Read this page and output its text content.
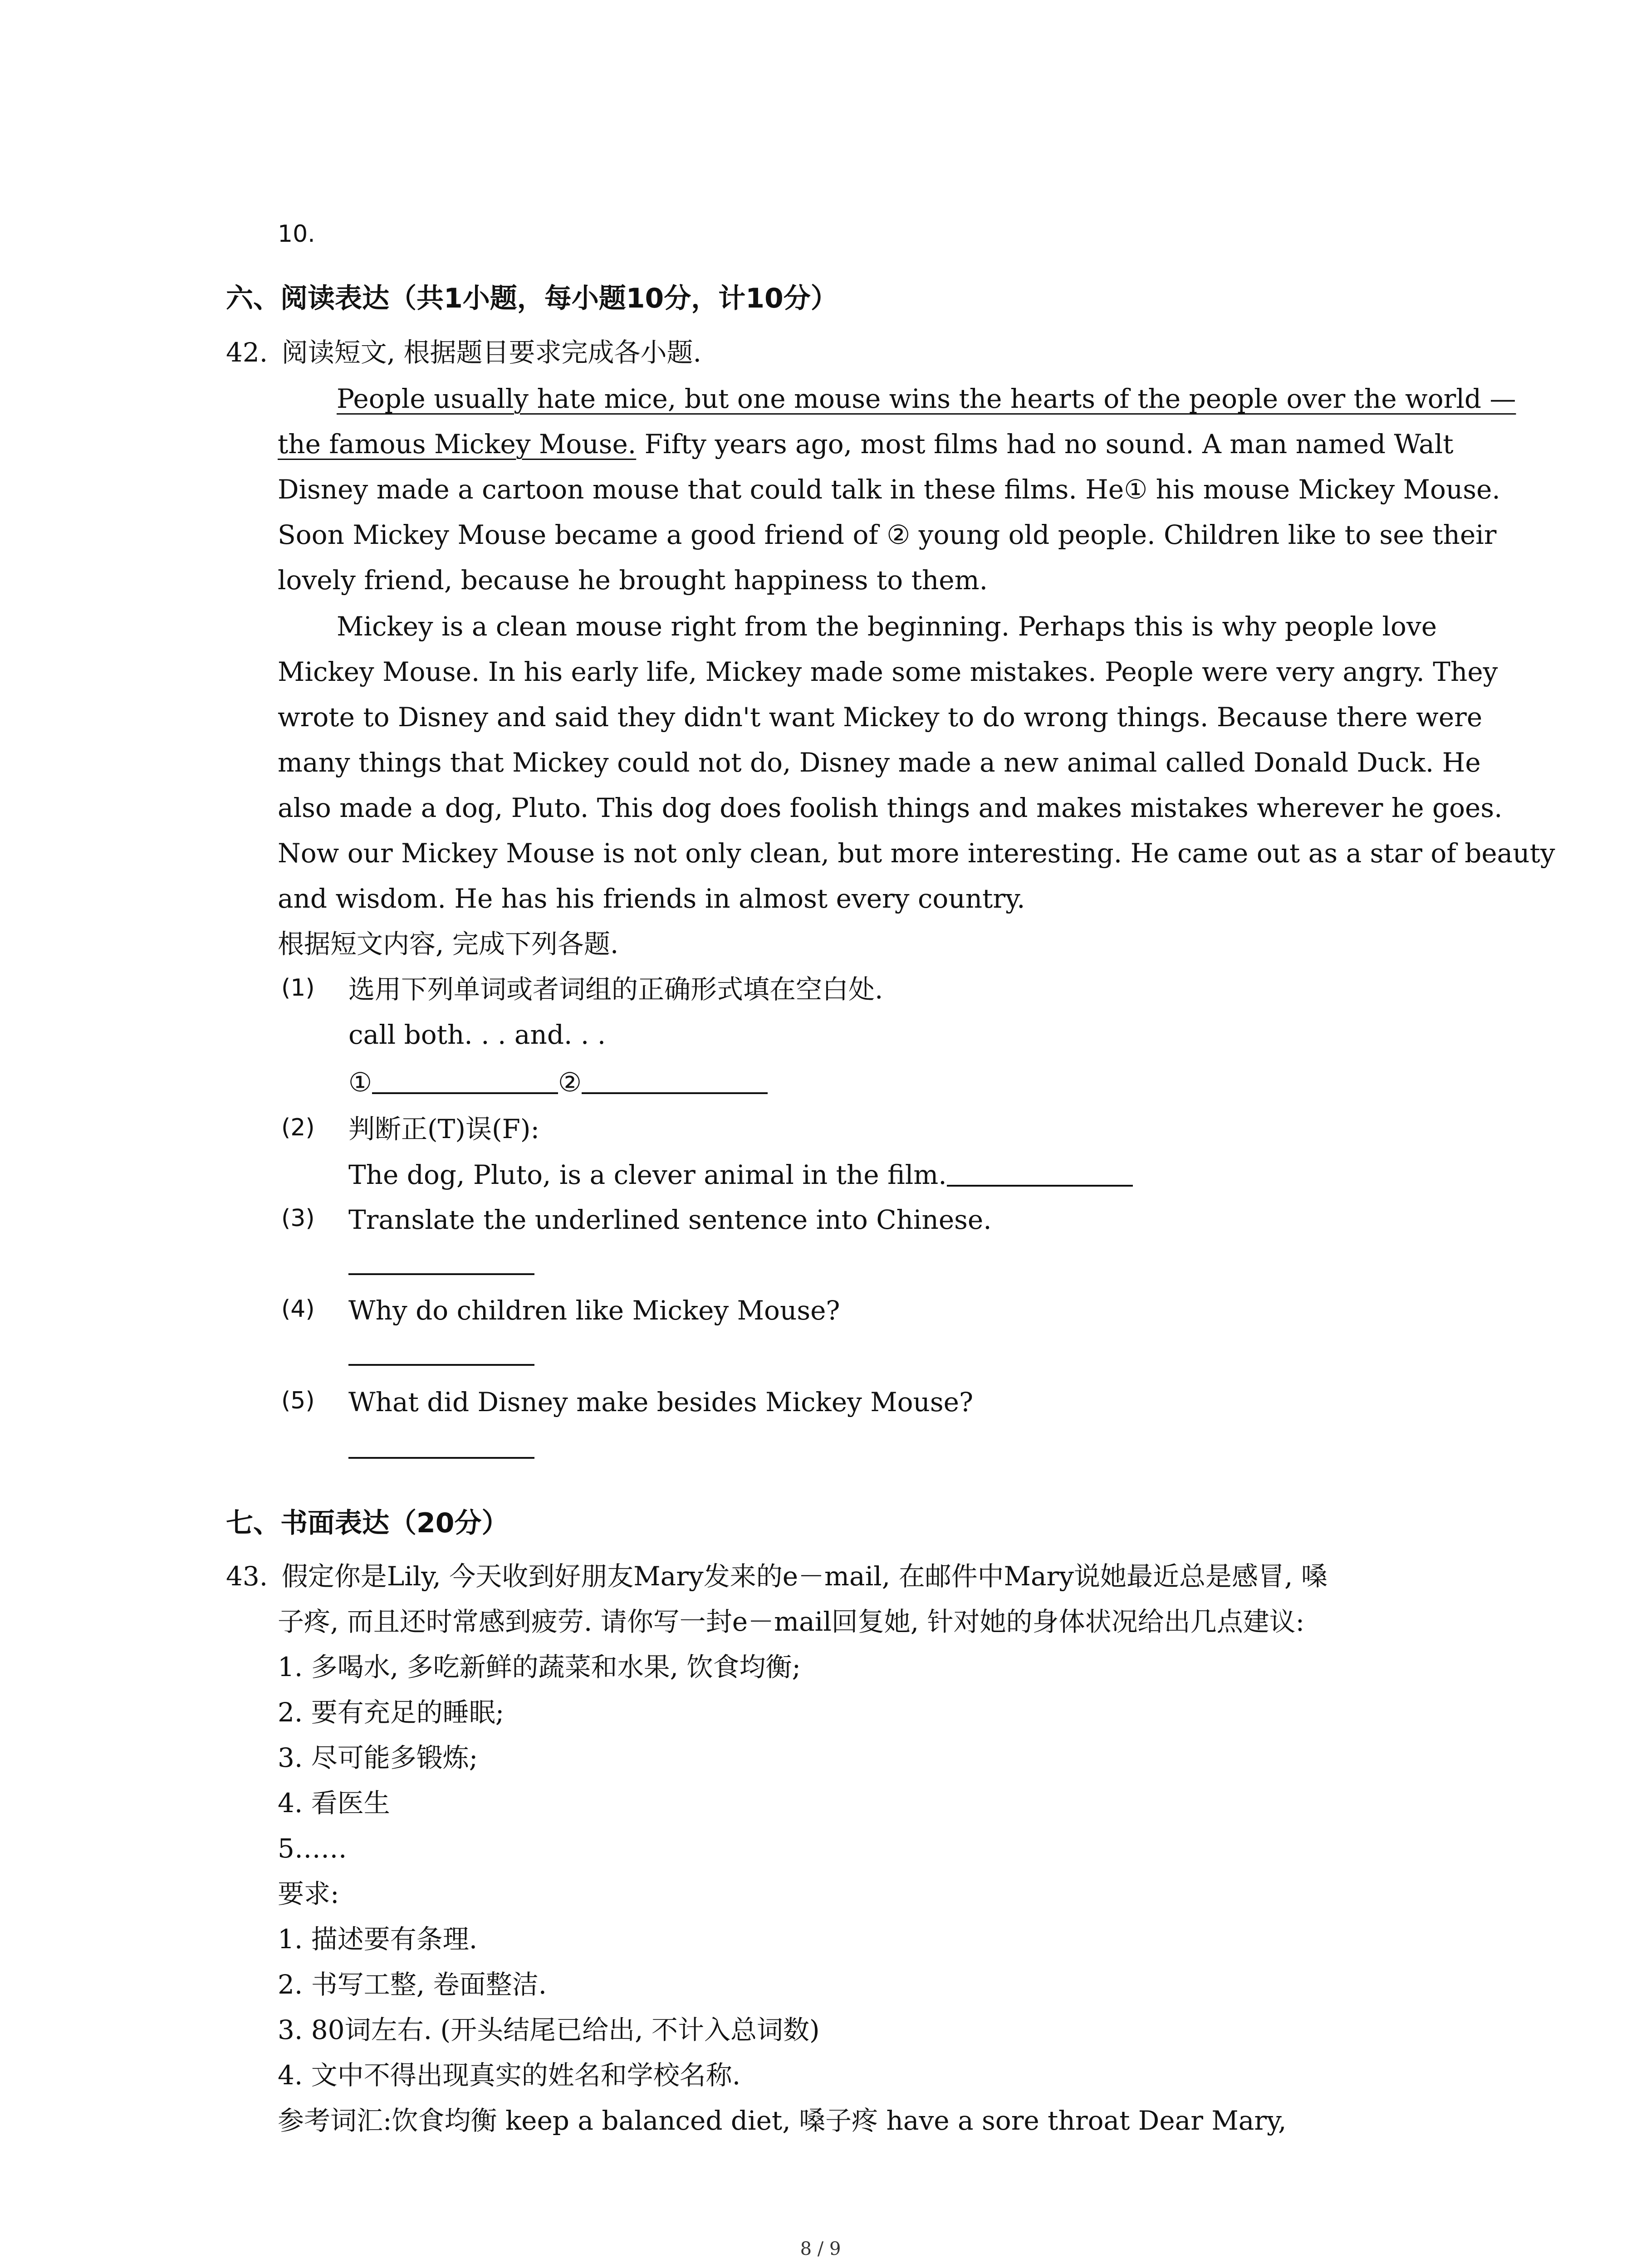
10.
六、阅读表达（共1小题，每小题10分，计10分）
42. 阅读短文, 根据题目要求完成各小题.
People usually hate mice, but one mouse wins the hearts of the people over the world —
the famous Mickey Mouse. Fifty years ago, most films had no sound. A man named Walt
Disney made a cartoon mouse that could talk in these films. He① his mouse Mickey Mouse.
Soon Mickey Mouse became a good friend of ② young old people. Children like to see their
lovely friend, because he brought happiness to them.
Mickey is a clean mouse right from the beginning. Perhaps this is why people love
Mickey Mouse. In his early life, Mickey made some mistakes. People were very angry. They
wrote to Disney and said they didn't want Mickey to do wrong things. Because there were
many things that Mickey could not do, Disney made a new animal called Donald Duck. He
also made a dog, Pluto. This dog does foolish things and makes mistakes wherever he goes.
Now our Mickey Mouse is not only clean, but more interesting. He came out as a star of beauty
and wisdom. He has his friends in almost every country.
根据短文内容, 完成下列各题.
(1) 选用下列单词或者词组的正确形式填在空白处.
call both. . . and. . .
①	②
(2) 判断正(T)误(F):
The dog, Pluto, is a clever animal in the film.
(3) Translate the underlined sentence into Chinese.
(4) Why do children like Mickey Mouse?
(5) What did Disney make besides Mickey Mouse?
七、书面表达（20分）
43. 假定你是Lily, 今天收到好朋友Mary发来的e－mail, 在邮件中Mary说她最近总是感冒, 嗓
子疼, 而且还时常感到疲劳. 请你写一封e－mail回复她, 针对她的身体状况给出几点建议:
1. 多喝水, 多吃新鲜的蔬菜和水果, 饮食均衡;
2. 要有充足的睡眠;
3. 尽可能多锻炼;
4. 看医生
5……
要求:
1. 描述要有条理.
2. 书写工整, 卷面整洁.
3. 80词左右. (开头结尾已给出, 不计入总词数)
4. 文中不得出现真实的姓名和学校名称.
参考词汇:饮食均衡 keep a balanced diet, 嗓子疼 have a sore throat Dear Mary,
8 / 9
